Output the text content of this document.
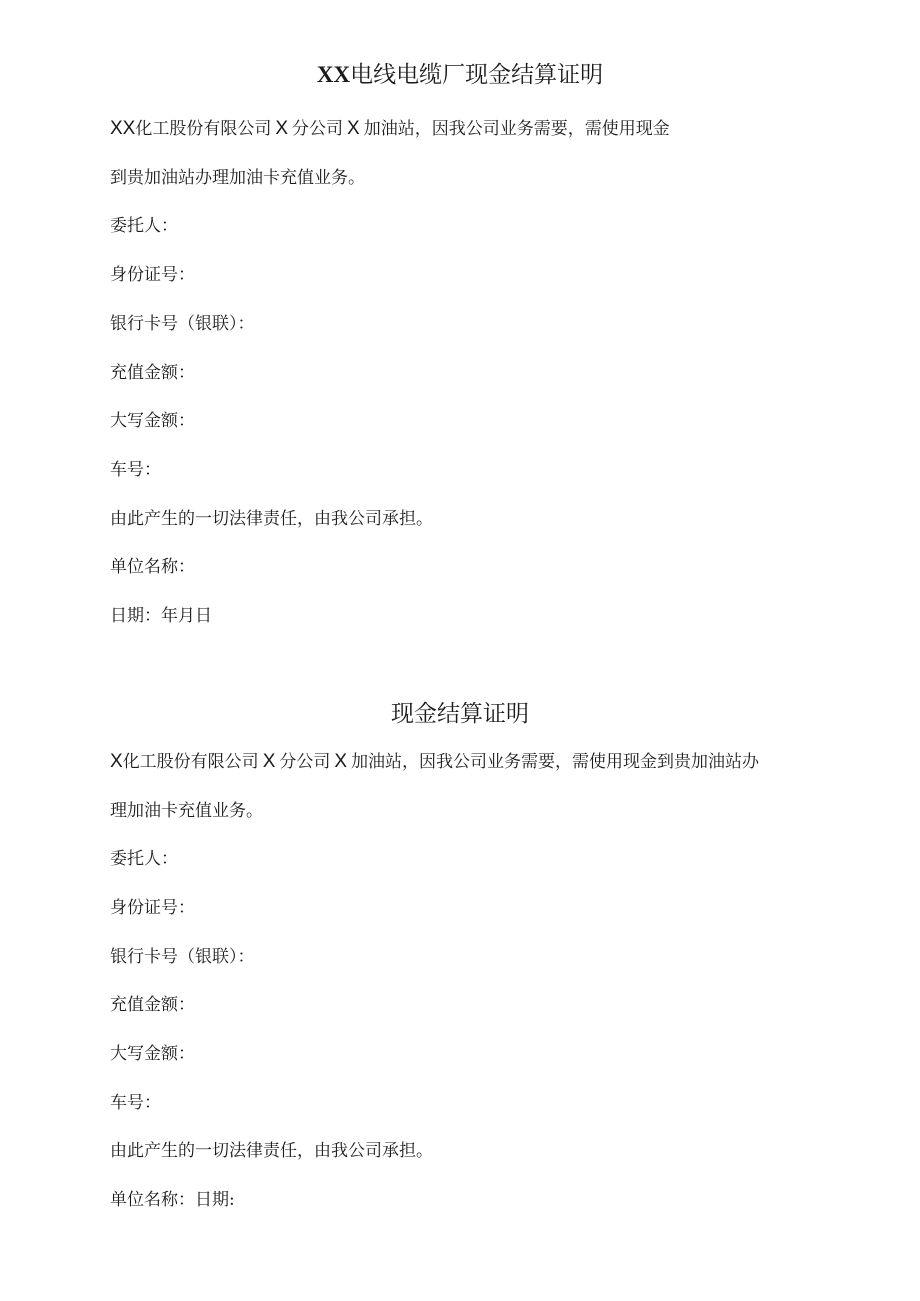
XX电线电缆厂现金结算证明
XX化工股份有限公司 X 分公司 X 加油站，因我公司业务需要，需使用现金
到贵加油站办理加油卡充值业务。
委托人：
身份证号：
银行卡号（银联）：
充值金额：
大写金额：
车号：
由此产生的一切法律责任，由我公司承担。
单位名称：
日期：年月日
现金结算证明
X化工股份有限公司 X 分公司 X 加油站，因我公司业务需要，需使用现金到贵加油站办
理加油卡充值业务。
委托人：
身份证号：
银行卡号（银联）：
充值金额：
大写金额：
车号：
由此产生的一切法律责任，由我公司承担。
单位名称：日期:
